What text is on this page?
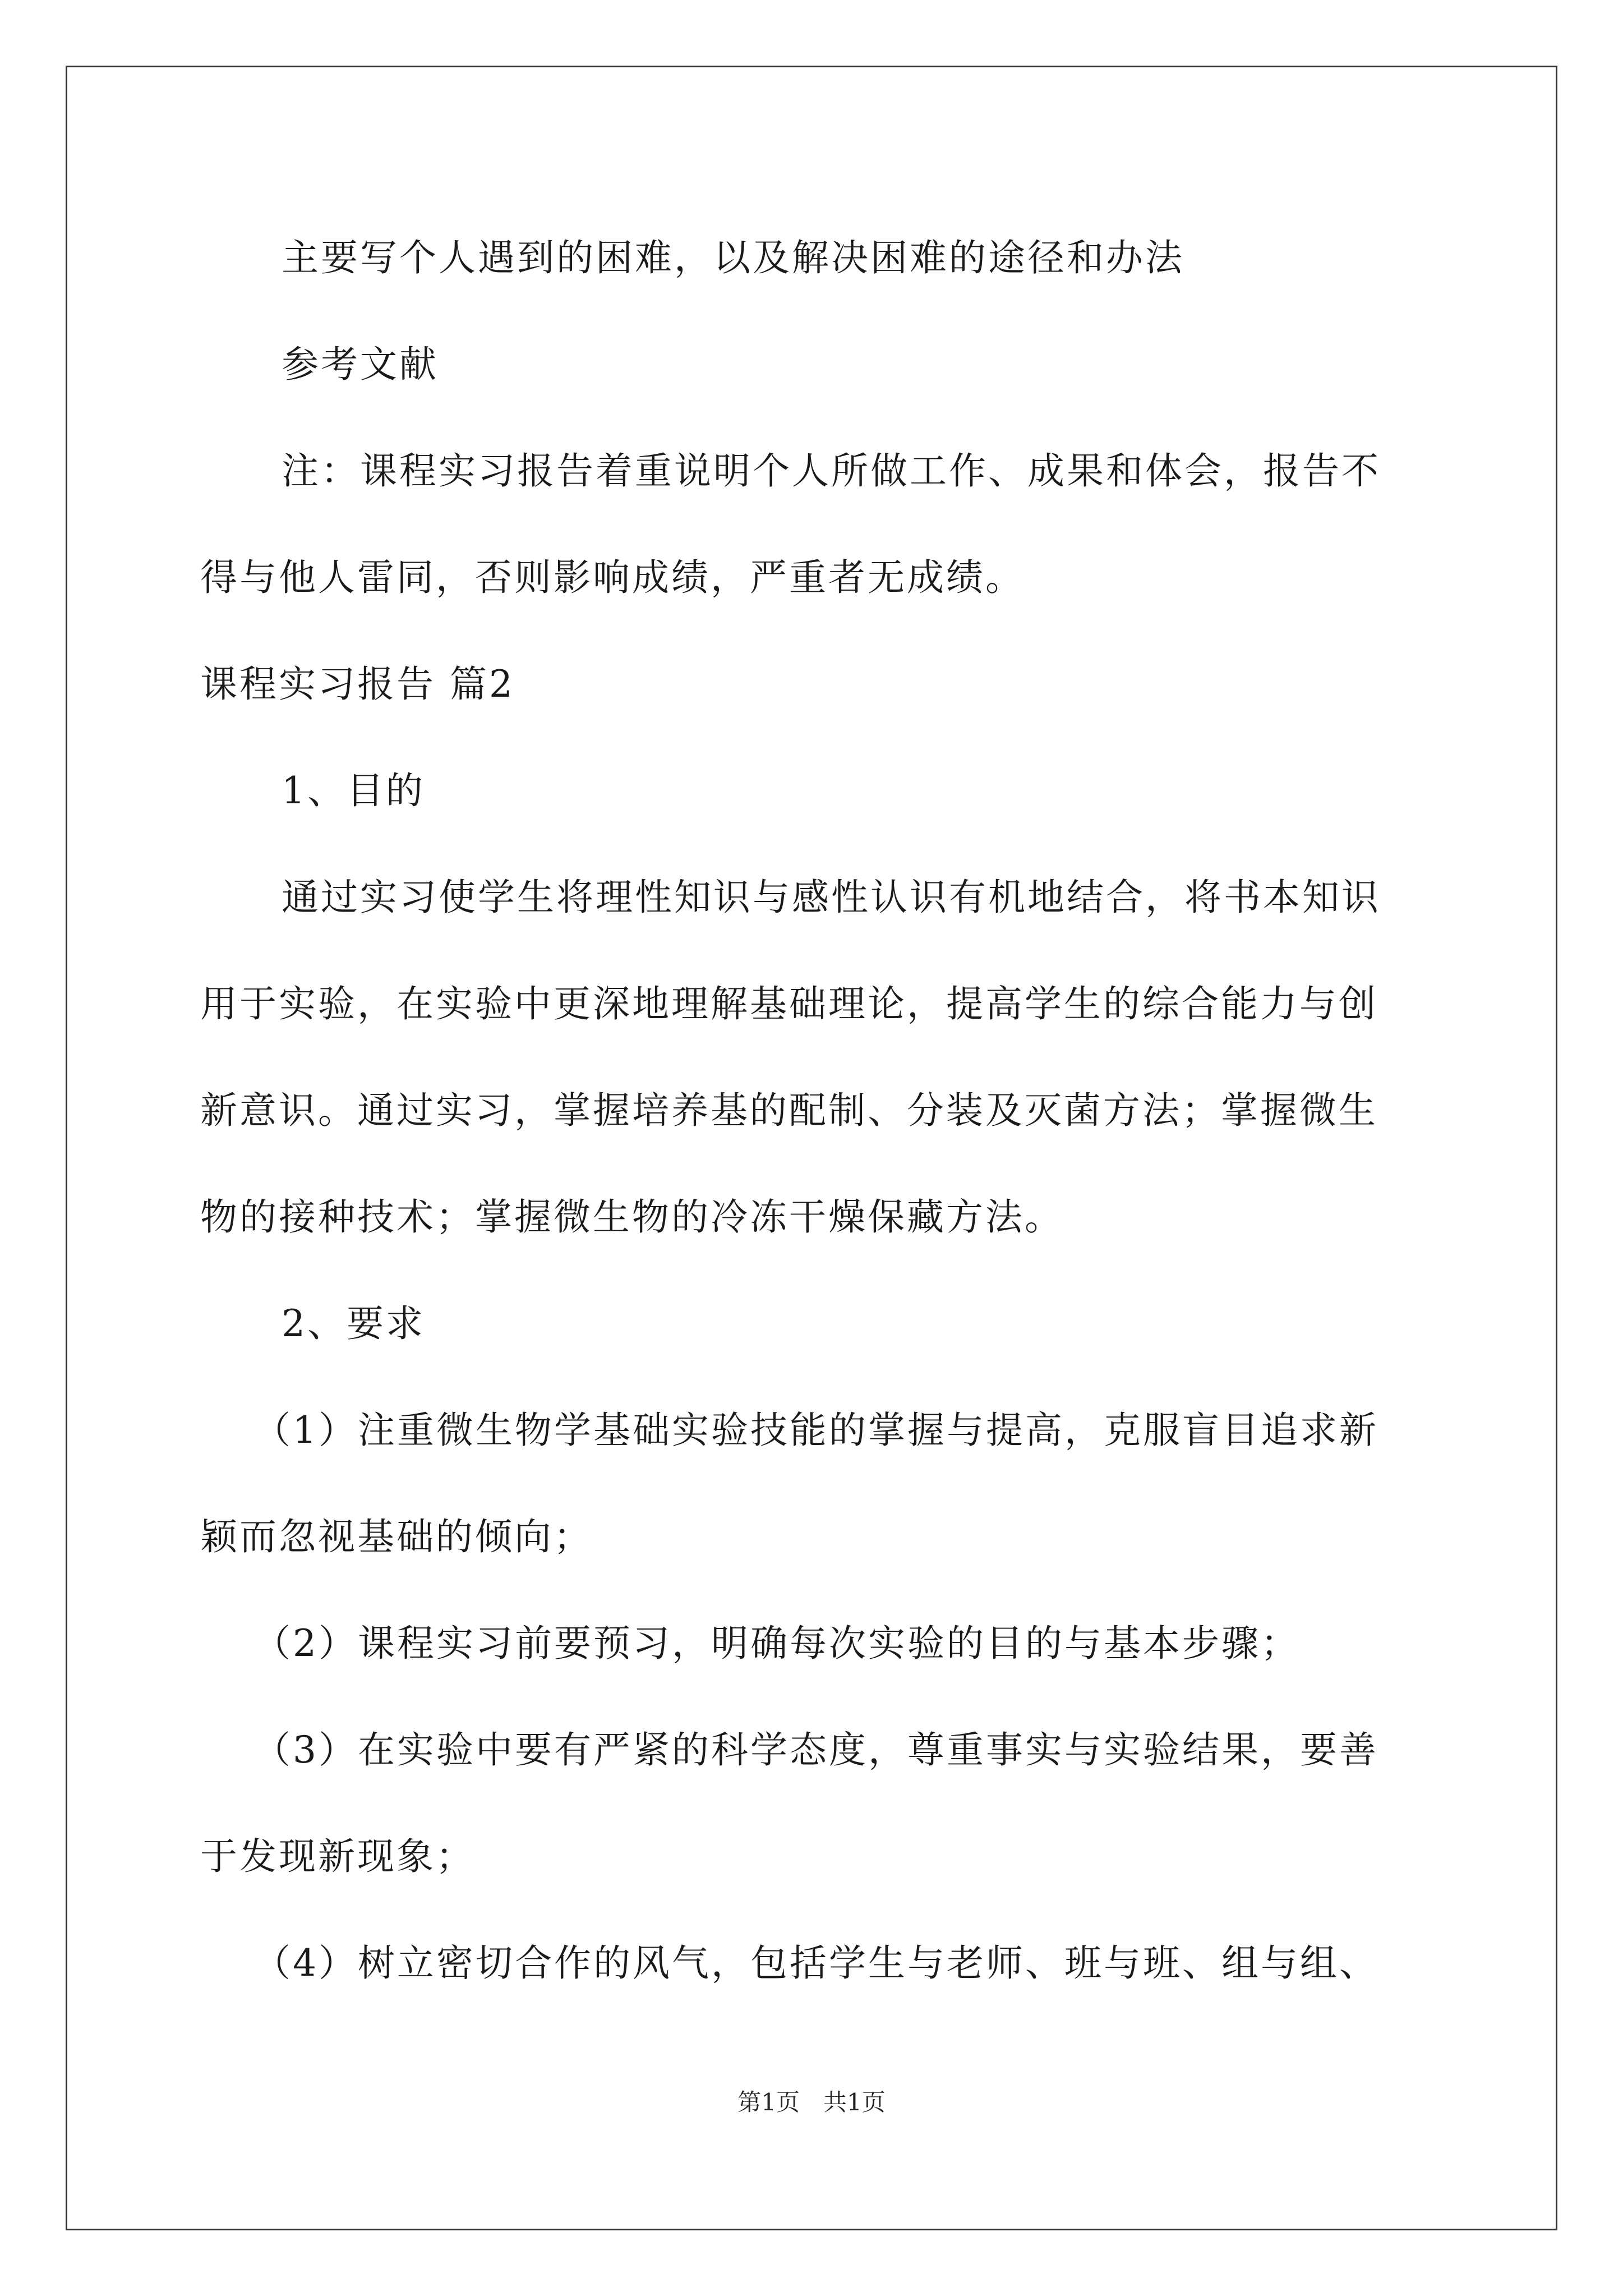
主要写个人遇到的困难，以及解决困难的途径和办法
参考文献
注：课程实习报告着重说明个人所做工作、成果和体会，报告不
得与他人雷同，否则影响成绩，严重者无成绩。
课程实习报告 篇2
1、目的
通过实习使学生将理性知识与感性认识有机地结合，将书本知识
用于实验，在实验中更深地理解基础理论，提高学生的综合能力与创
新意识。通过实习，掌握培养基的配制、分装及灭菌方法；掌握微生
物的接种技术；掌握微生物的冷冻干燥保藏方法。
2、要求
（1）注重微生物学基础实验技能的掌握与提高，克服盲目追求新
颖而忽视基础的倾向；
（2）课程实习前要预习，明确每次实验的目的与基本步骤；
（3）在实验中要有严紧的科学态度，尊重事实与实验结果，要善
于发现新现象；
（4）树立密切合作的风气，包括学生与老师、班与班、组与组、
第1页　共1页
